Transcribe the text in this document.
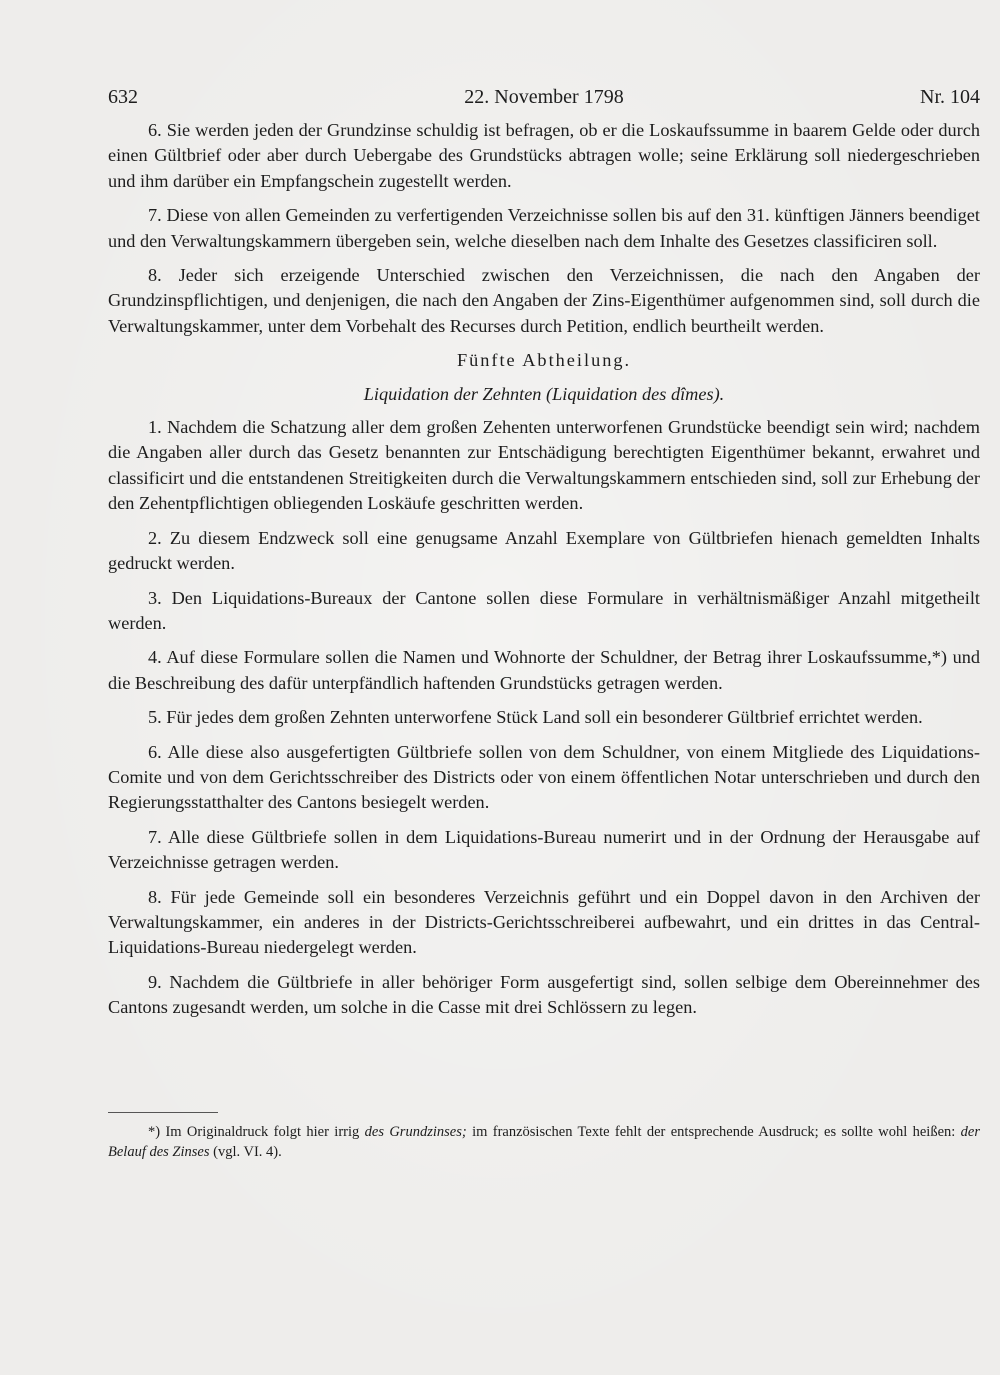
632	22. November 1798	Nr. 104

6. Sie werden jeden der Grundzinse schuldig ist befragen, ob er die Loskaufssumme in baarem Gelde oder durch einen Gültbrief oder aber durch Uebergabe des Grundstücks abtragen wolle; seine Erklärung soll niedergeschrieben und ihm darüber ein Empfangschein zugestellt werden.

7. Diese von allen Gemeinden zu verfertigenden Verzeichnisse sollen bis auf den 31. künftigen Jänners beendiget und den Verwaltungskammern übergeben sein, welche dieselben nach dem Inhalte des Gesetzes classificiren soll.

8. Jeder sich erzeigende Unterschied zwischen den Verzeichnissen, die nach den Angaben der Grundzinspflichtigen, und denjenigen, die nach den Angaben der Zins-Eigenthümer aufgenommen sind, soll durch die Verwaltungskammer, unter dem Vorbehalt des Recurses durch Petition, endlich beurtheilt werden.

Fünfte Abtheilung.

Liquidation der Zehnten (Liquidation des dîmes).

1. Nachdem die Schatzung aller dem großen Zehenten unterworfenen Grundstücke beendigt sein wird; nachdem die Angaben aller durch das Gesetz benannten zur Entschädigung berechtigten Eigenthümer bekannt, erwahret und classificirt und die entstandenen Streitigkeiten durch die Verwaltungskammern entschieden sind, soll zur Erhebung der den Zehentpflichtigen obliegenden Loskäufe geschritten werden.

2. Zu diesem Endzweck soll eine genugsame Anzahl Exemplare von Gültbriefen hienach gemeldten Inhalts gedruckt werden.

3. Den Liquidations-Bureaux der Cantone sollen diese Formulare in verhältnismäßiger Anzahl mitgetheilt werden.

4. Auf diese Formulare sollen die Namen und Wohnorte der Schuldner, der Betrag ihrer Loskaufssumme,*) und die Beschreibung des dafür unterpfändlich haftenden Grundstücks getragen werden.

5. Für jedes dem großen Zehnten unterworfene Stück Land soll ein besonderer Gültbrief errichtet werden.

6. Alle diese also ausgefertigten Gültbriefe sollen von dem Schuldner, von einem Mitgliede des Liquidations-Comite und von dem Gerichtsschreiber des Districts oder von einem öffentlichen Notar unterschrieben und durch den Regierungsstatthalter des Cantons besiegelt werden.

7. Alle diese Gültbriefe sollen in dem Liquidations-Bureau numerirt und in der Ordnung der Herausgabe auf Verzeichnisse getragen werden.

8. Für jede Gemeinde soll ein besonderes Verzeichnis geführt und ein Doppel davon in den Archiven der Verwaltungskammer, ein anderes in der Districts-Gerichtsschreiberei aufbewahrt, und ein drittes in das Central-Liquidations-Bureau niedergelegt werden.

9. Nachdem die Gültbriefe in aller behöriger Form ausgefertigt sind, sollen selbige dem Obereinnehmer des Cantons zugesandt werden, um solche in die Casse mit drei Schlössern zu legen.

*) Im Originaldruck folgt hier irrig des Grundzinses; im französischen Texte fehlt der entsprechende Ausdruck; es sollte wohl heißen: der Belauf des Zinses (vgl. VI. 4).
